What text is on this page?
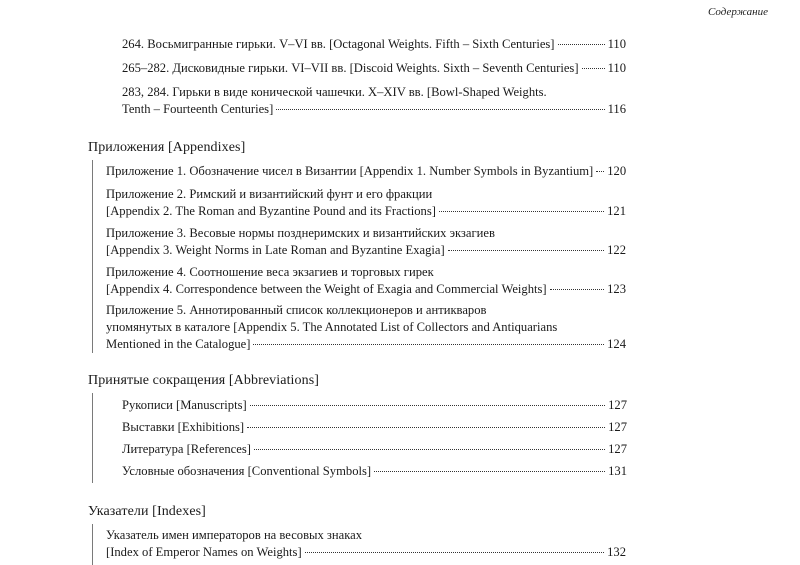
Содержание
264. Восьмигранные гирьки. V–VI вв. [Octagonal Weights. Fifth – Sixth Centuries]	110
265–282. Дисковидные гирьки. VI–VII вв. [Discoid Weights. Sixth – Seventh Centuries] 110
283, 284. Гирьки в виде конической чашечки. X–XIV вв. [Bowl-Shaped Weights.
Tenth – Fourteenth Centuries]	116
Приложения [Appendixes]
Приложение 1. Обозначение чисел в Византии [Appendix 1. Number Symbols in Byzantium] 120
Приложение 2. Римский и византийский фунт и его фракции
[Appendix 2. The Roman and Byzantine Pound and its Fractions]	121
Приложение 3. Весовые нормы позднеримских и византийских экзагиев
[Appendix 3. Weight Norms in Late Roman and Byzantine Exagia]	122
Приложение 4. Соотношение веса экзагиев и торговых гирек
[Appendix 4. Correspondence between the Weight of Exagia and Commercial Weights]	123
Приложение 5. Аннотированный список коллекционеров и антикваров
упомянутых в каталоге [Appendix 5. The Annotated List of Collectors and Antiquarians
Mentioned in the Catalogue]	124
Принятые сокращения [Abbreviations]
Рукописи [Manuscripts]	127
Выставки [Exhibitions]	127
Литература [References]	127
Условные обозначения [Conventional Symbols]	131
Указатели [Indexes]
Указатель имен императоров на весовых знаках
[Index of Emperor Names on Weights]	132
